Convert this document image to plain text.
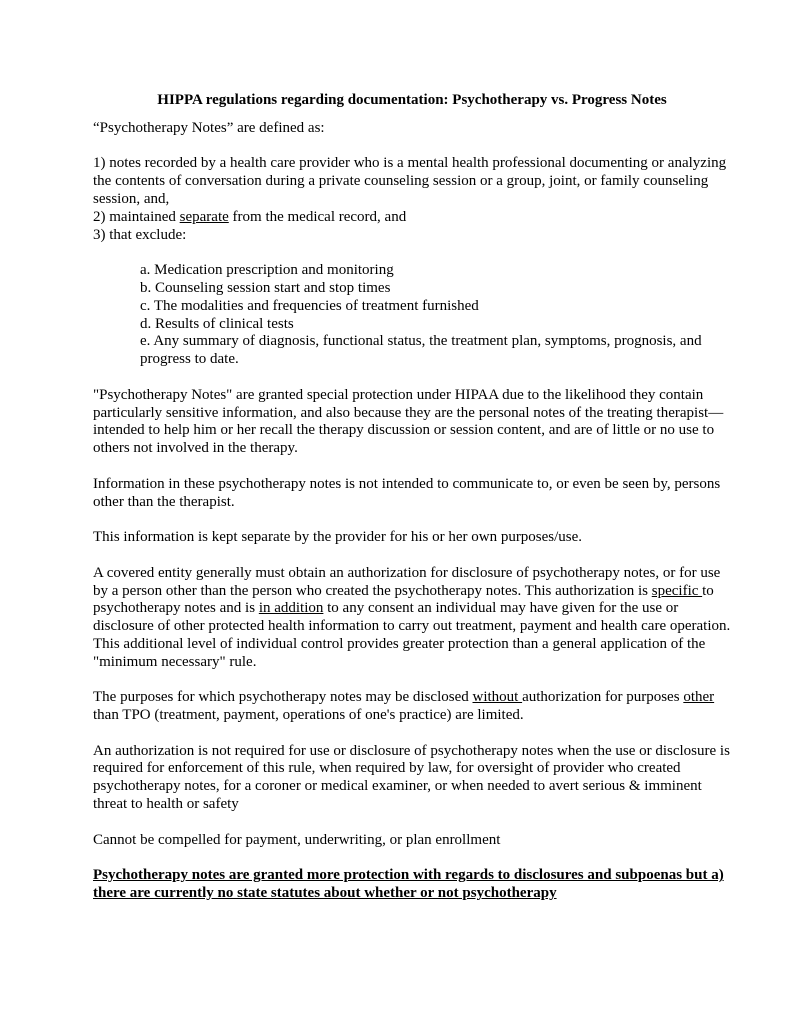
HIPPA regulations regarding documentation: Psychotherapy vs. Progress Notes

“Psychotherapy Notes” are defined as:

1) notes recorded by a health care provider who is a mental health professional documenting or analyzing the contents of conversation during a private counseling session or a group, joint, or family counseling session, and,
2) maintained separate from the medical record, and
3) that exclude:
a. Medication prescription and monitoring
b. Counseling session start and stop times
c. The modalities and frequencies of treatment furnished
d. Results of clinical tests
e. Any summary of diagnosis, functional status, the treatment plan, symptoms, prognosis, and progress to date.

"Psychotherapy Notes" are granted special protection under HIPAA due to the likelihood they contain particularly sensitive information, and also because they are the personal notes of the treating therapist— intended to help him or her recall the therapy discussion or session content, and are of little or no use to others not involved in the therapy.

Information in these psychotherapy notes is not intended to communicate to, or even be seen by, persons other than the therapist.

This information is kept separate by the provider for his or her own purposes/use.

A covered entity generally must obtain an authorization for disclosure of psychotherapy notes, or for use by a person other than the person who created the psychotherapy notes. This authorization is specific to psychotherapy notes and is in addition to any consent an individual may have given for the use or disclosure of other protected health information to carry out treatment, payment and health care operation. This additional level of individual control provides greater protection than a general application of the "minimum necessary" rule.

The purposes for which psychotherapy notes may be disclosed without authorization for purposes other than TPO (treatment, payment, operations of one's practice) are limited.

An authorization is not required for use or disclosure of psychotherapy notes when the use or disclosure is required for enforcement of this rule, when required by law, for oversight of provider who created psychotherapy notes, for a coroner or medical examiner, or when needed to avert serious & imminent threat to health or safety

Cannot be compelled for payment, underwriting, or plan enrollment

Psychotherapy notes are granted more protection with regards to disclosures and subpoenas but a) there are currently no state statutes about whether or not psychotherapy
